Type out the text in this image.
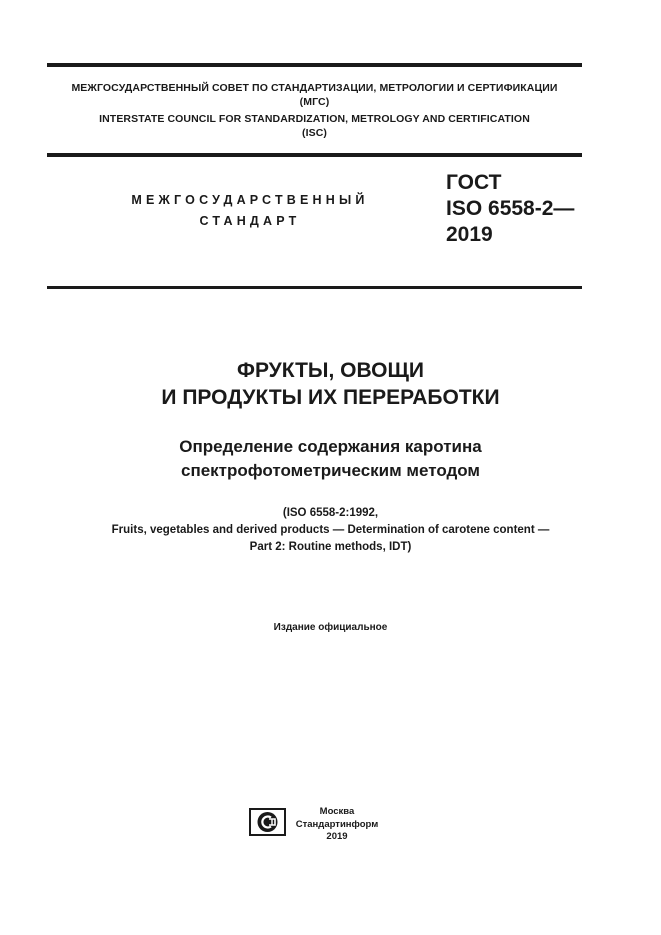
МЕЖГОСУДАРСТВЕННЫЙ СОВЕТ ПО СТАНДАРТИЗАЦИИ, МЕТРОЛОГИИ И СЕРТИФИКАЦИИ
(МГС)
INTERSTATE COUNCIL FOR STANDARDIZATION, METROLOGY AND CERTIFICATION
(ISC)
МЕЖГОСУДАРСТВЕННЫЙ
СТАНДАРТ
ГОСТ
ISO 6558-2—
2019
ФРУКТЫ, ОВОЩИ
И ПРОДУКТЫ ИХ ПЕРЕРАБОТКИ
Определение содержания каротина
спектрофотометрическим методом
(ISO 6558-2:1992,
Fruits, vegetables and derived products — Determination of carotene content —
Part 2: Routine methods, IDT)
Издание официальное
Москва
Стандартинформ
2019
